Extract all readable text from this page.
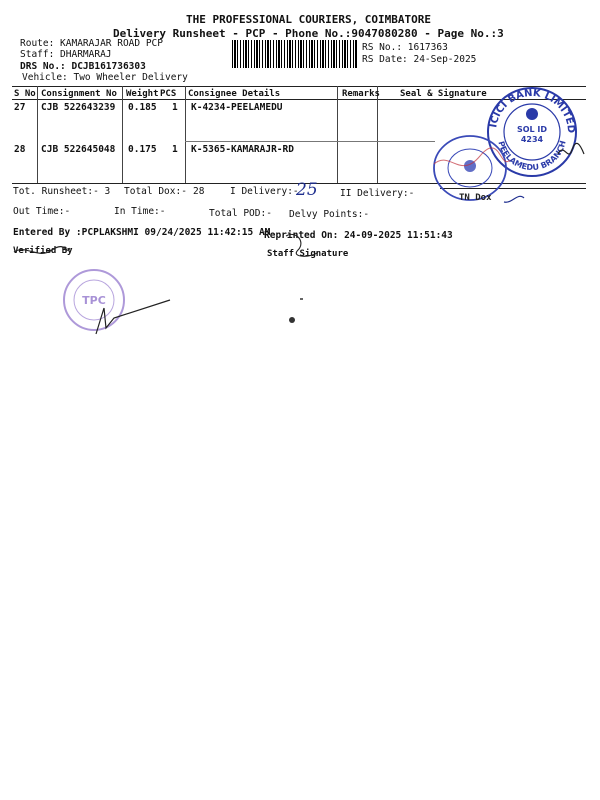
THE PROFESSIONAL COURIERS, COIMBATORE
Delivery Runsheet - PCP - Phone No.:9047080280 - Page No.:3
Route: KAMARAJAR ROAD PCP
Staff: DHARMARAJ
DRS No.: DCJB161736303
Vehicle: Two Wheeler Delivery
RS No.: 1617363
RS Date: 24-Sep-2025
S No Consignment No Weight PCS Consignee Details	Remarks Seal & Signature
27 CJB 522643239 0.185 1 K-4234-PEELAMEDU
28 CJB 522645048 0.175 1 K-5365-KAMARAJR-RD
Tot. Runsheet:- 3 Total Dox:- 28	I Delivery:-
25 II Delivery:-
Out Time:-	In Time:-	Total POD:- Delvy Points:-
Entered By :PCPLAKSHMI 09/24/2025 11:42:15 AM
Reprinted On: 24-09-2025 11:51:43
Verified By	Staff Signature
ICICI BANK LIMITED
PEELAMEDU BRANCH
SOL ID
4234
TN Dox
TPC
